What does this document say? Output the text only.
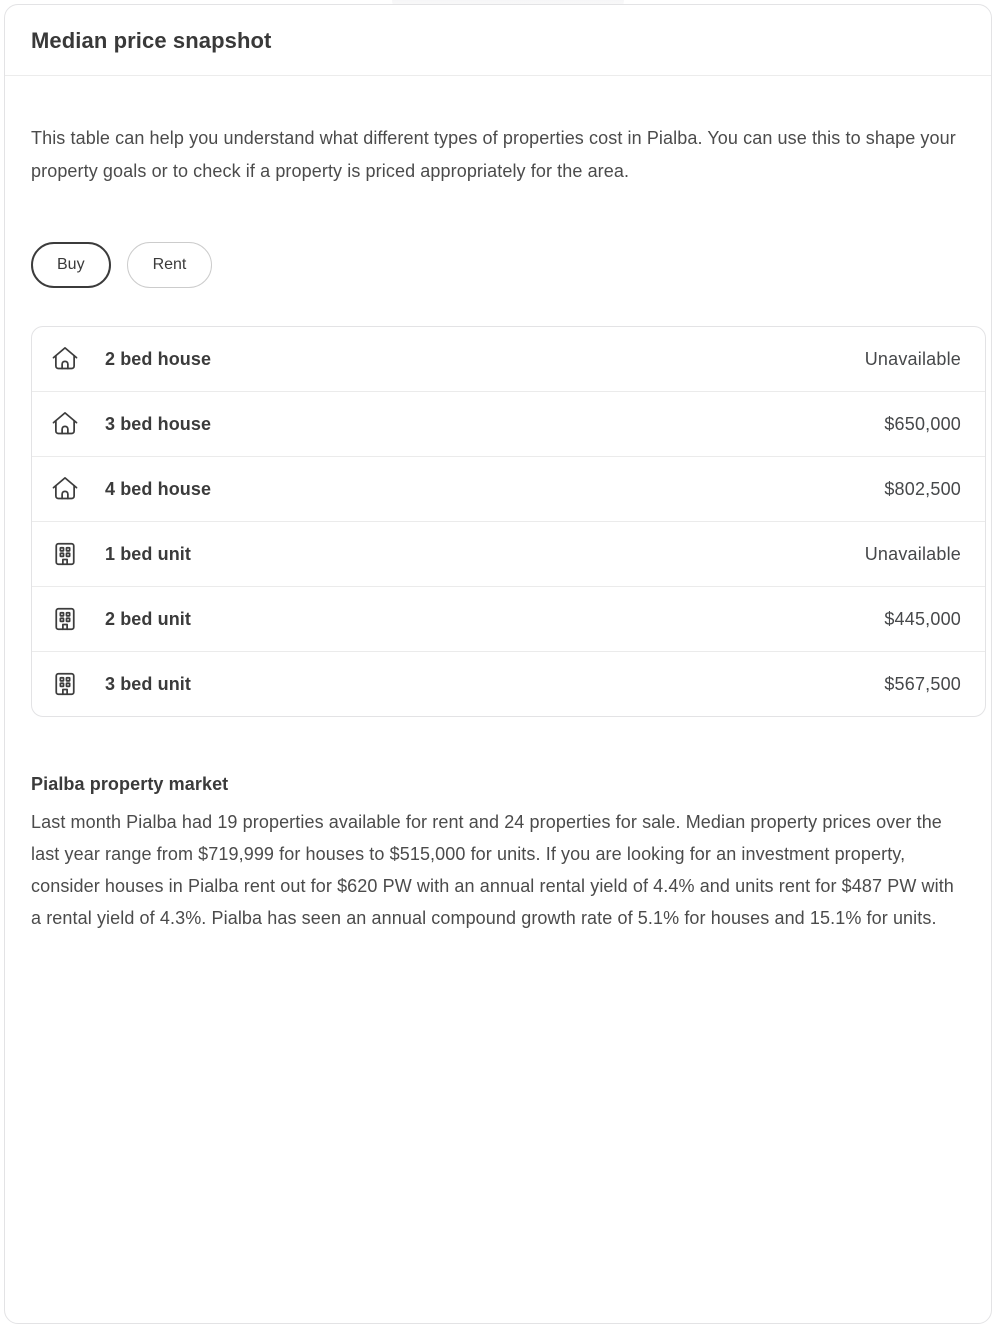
Median price snapshot

This table can help you understand what different types of properties cost in Pialba. You can use this to shape your property goals or to check if a property is priced appropriately for the area.

Buy	Rent
2 bed house	Unavailable
3 bed house	$650,000
4 bed house	$802,500
1 bed unit	Unavailable
2 bed unit	$445,000
3 bed unit	$567,500
Pialba property market

Last month Pialba had 19 properties available for rent and 24 properties for sale. Median property prices over the last year range from $719,999 for houses to $515,000 for units. If you are looking for an investment property, consider houses in Pialba rent out for $620 PW with an annual rental yield of 4.4% and units rent for $487 PW with a rental yield of 4.3%. Pialba has seen an annual compound growth rate of 5.1% for houses and 15.1% for units.
